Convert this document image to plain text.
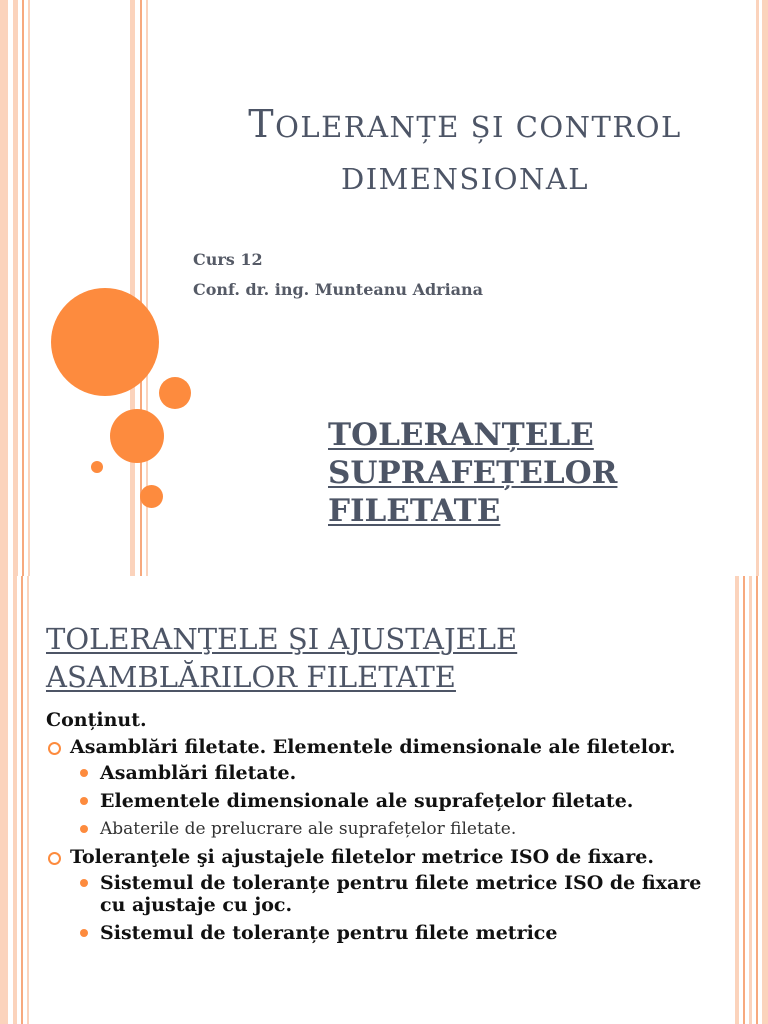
TOLERANȚE ȘI CONTROL
DIMENSIONAL
Curs 12
Conf. dr. ing. Munteanu Adriana
TOLERANȚELE
SUPRAFEȚELOR
FILETATE
TOLERANŢELE ŞI AJUSTAJELE
ASAMBLĂRILOR FILETATE
Conținut.
Asamblări filetate. Elementele dimensionale ale filetelor.
Asamblări filetate.
Elementele dimensionale ale suprafețelor filetate.
Abaterile de prelucrare ale suprafețelor filetate.
Toleranţele şi ajustajele filetelor metrice ISO de fixare.
Sistemul de toleranțe pentru filete metrice ISO de fixare cu ajustaje cu joc.
Sistemul de toleranțe pentru filete metrice
